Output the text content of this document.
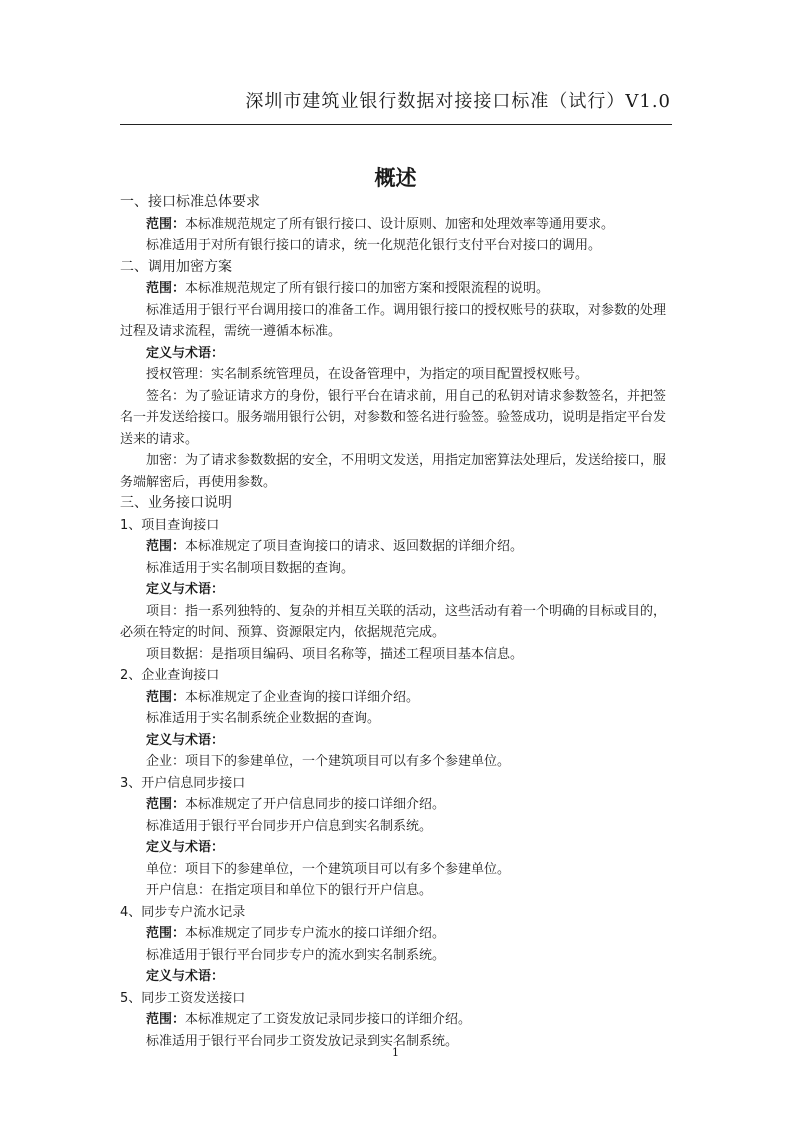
深圳市建筑业银行数据对接接口标准（试行）V1.0
概述
一、接口标准总体要求
范围：本标准规范规定了所有银行接口、设计原则、加密和处理效率等通用要求。
标准适用于对所有银行接口的请求，统一化规范化银行支付平台对接口的调用。
二、调用加密方案
范围：本标准规范规定了所有银行接口的加密方案和授限流程的说明。
标准适用于银行平台调用接口的准备工作。调用银行接口的授权账号的获取，对参数的处理过程及请求流程，需统一遵循本标准。
定义与术语：
授权管理：实名制系统管理员，在设备管理中，为指定的项目配置授权账号。
签名：为了验证请求方的身份，银行平台在请求前，用自己的私钥对请求参数签名，并把签名一并发送给接口。服务端用银行公钥，对参数和签名进行验签。验签成功，说明是指定平台发送来的请求。
加密：为了请求参数数据的安全，不用明文发送，用指定加密算法处理后，发送给接口，服务端解密后，再使用参数。
三、业务接口说明
1、项目查询接口
范围：本标准规定了项目查询接口的请求、返回数据的详细介绍。
标准适用于实名制项目数据的查询。
定义与术语：
项目：指一系列独特的、复杂的并相互关联的活动，这些活动有着一个明确的目标或目的，必须在特定的时间、预算、资源限定内，依据规范完成。
项目数据：是指项目编码、项目名称等，描述工程项目基本信息。
2、企业查询接口
范围：本标准规定了企业查询的接口详细介绍。
标准适用于实名制系统企业数据的查询。
定义与术语：
企业：项目下的参建单位，一个建筑项目可以有多个参建单位。
3、开户信息同步接口
范围：本标准规定了开户信息同步的接口详细介绍。
标准适用于银行平台同步开户信息到实名制系统。
定义与术语：
单位：项目下的参建单位，一个建筑项目可以有多个参建单位。
开户信息：在指定项目和单位下的银行开户信息。
4、同步专户流水记录
范围：本标准规定了同步专户流水的接口详细介绍。
标准适用于银行平台同步专户的流水到实名制系统。
定义与术语：
5、同步工资发送接口
范围：本标准规定了工资发放记录同步接口的详细介绍。
标准适用于银行平台同步工资发放记录到实名制系统。
1
